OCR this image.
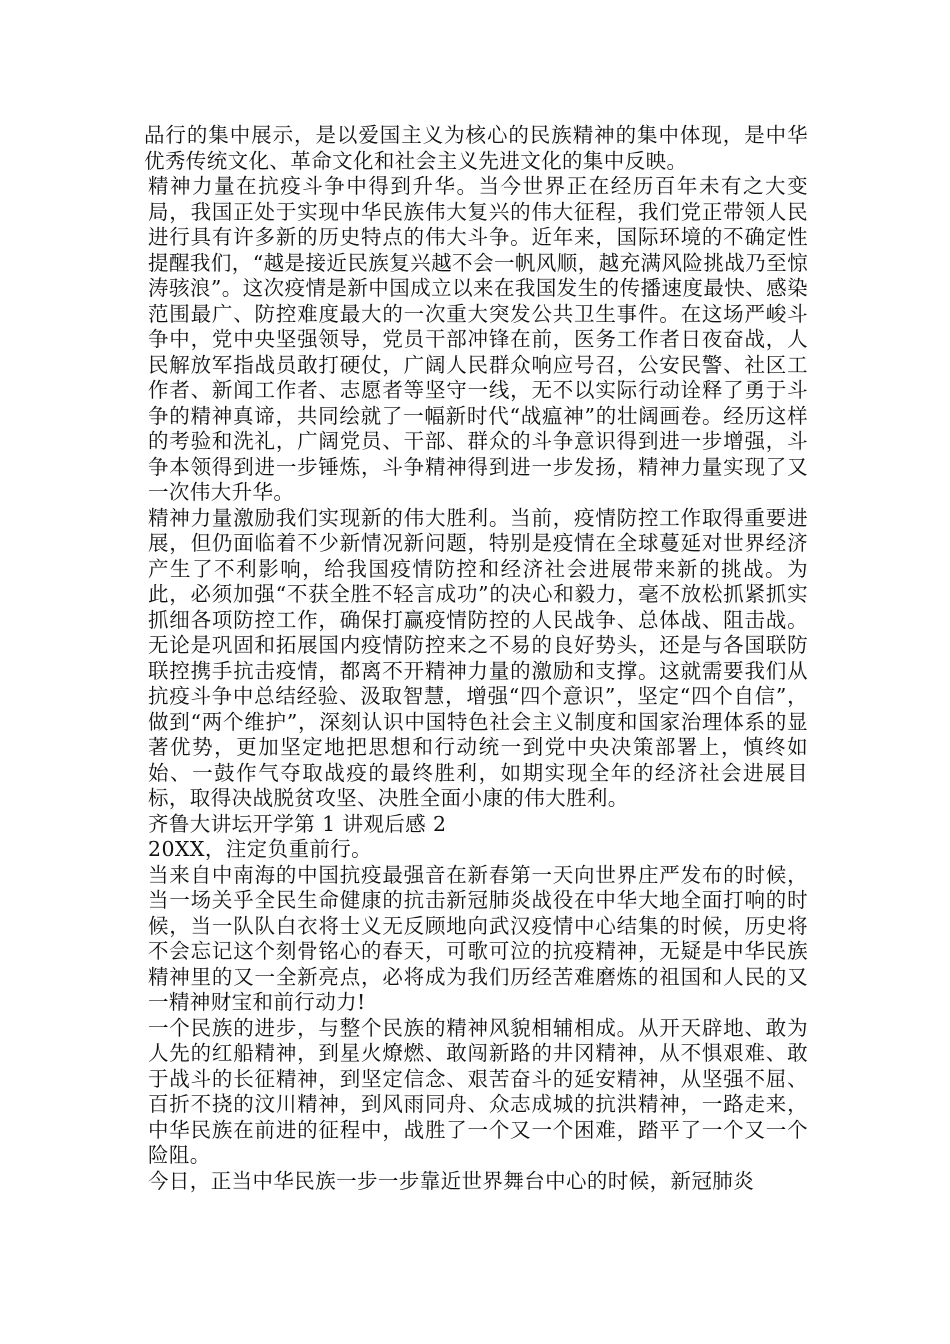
品行的集中展示，是以爱国主义为核心的民族精神的集中体现，是中华优秀传统文化、革命文化和社会主义先进文化的集中反映。

精神力量在抗疫斗争中得到升华。当今世界正在经历百年未有之大变局，我国正处于实现中华民族伟大复兴的伟大征程，我们党正带领人民进行具有许多新的历史特点的伟大斗争。近年来，国际环境的不确定性提醒我们，“越是接近民族复兴越不会一帆风顺，越充满风险挑战乃至惊涛骇浪”。这次疫情是新中国成立以来在我国发生的传播速度最快、感染范围最广、防控难度最大的一次重大突发公共卫生事件。在这场严峻斗争中，党中央坚强领导，党员干部冲锋在前，医务工作者日夜奋战，人民解放军指战员敢打硬仗，广阔人民群众响应号召，公安民警、社区工作者、新闻工作者、志愿者等坚守一线，无不以实际行动诠释了勇于斗争的精神真谛，共同绘就了一幅新时代“战瘟神”的壮阔画卷。经历这样的考验和洗礼，广阔党员、干部、群众的斗争意识得到进一步增强，斗争本领得到进一步锤炼，斗争精神得到进一步发扬，精神力量实现了又一次伟大升华。

精神力量激励我们实现新的伟大胜利。当前，疫情防控工作取得重要进展，但仍面临着不少新情况新问题，特别是疫情在全球蔓延对世界经济产生了不利影响，给我国疫情防控和经济社会进展带来新的挑战。为此，必须加强“不获全胜不轻言成功”的决心和毅力，毫不放松抓紧抓实抓细各项防控工作，确保打赢疫情防控的人民战争、总体战、阻击战。无论是巩固和拓展国内疫情防控来之不易的良好势头，还是与各国联防联控携手抗击疫情，都离不开精神力量的激励和支撑。这就需要我们从抗疫斗争中总结经验、汲取智慧，增强“四个意识”，坚定“四个自信”，做到“两个维护”，深刻认识中国特色社会主义制度和国家治理体系的显著优势，更加坚定地把思想和行动统一到党中央决策部署上，慎终如始、一鼓作气夺取战疫的最终胜利，如期实现全年的经济社会进展目标，取得决战脱贫攻坚、决胜全面小康的伟大胜利。

齐鲁大讲坛开学第 1 讲观后感 2

20XX，注定负重前行。

当来自中南海的中国抗疫最强音在新春第一天向世界庄严发布的时候，当一场关乎全民生命健康的抗击新冠肺炎战役在中华大地全面打响的时候，当一队队白衣将士义无反顾地向武汉疫情中心结集的时候，历史将不会忘记这个刻骨铭心的春天，可歌可泣的抗疫精神，无疑是中华民族精神里的又一全新亮点，必将成为我们历经苦难磨炼的祖国和人民的又一精神财宝和前行动力!

一个民族的进步，与整个民族的精神风貌相辅相成。从开天辟地、敢为人先的红船精神，到星火燎燃、敢闯新路的井冈精神，从不惧艰难、敢于战斗的长征精神，到坚定信念、艰苦奋斗的延安精神，从坚强不屈、百折不挠的汶川精神，到风雨同舟、众志成城的抗洪精神，一路走来，中华民族在前进的征程中，战胜了一个又一个困难，踏平了一个又一个险阻。

今日，正当中华民族一步一步靠近世界舞台中心的时候，新冠肺炎
